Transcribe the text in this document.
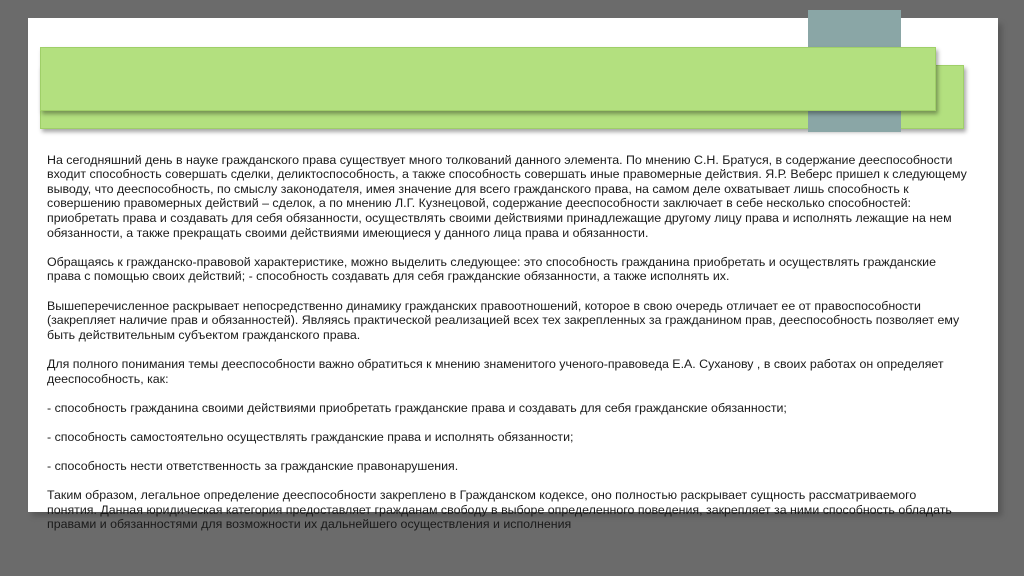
На сегодняшний день в науке гражданского права существует много толкований данного элемента. По мнению С.Н. Братуся, в содержание дееспособности входит способность совершать сделки, деликтоспособность, а также способность совершать иные правомерные действия. Я.Р. Веберс пришел к следующему выводу, что дееспособность, по смыслу законодателя, имея значение для всего гражданского права, на самом деле охватывает лишь способность к совершению правомерных действий – сделок, а по мнению Л.Г. Кузнецовой, содержание дееспособности заключает в себе несколько способностей: приобретать права и создавать для себя обязанности, осуществлять своими действиями принадлежащие другому лицу права и исполнять лежащие на нем обязанности, а также прекращать своими действиями имеющиеся у данного лица права и обязанности.

Обращаясь к гражданско-правовой характеристике, можно выделить следующее: это способность гражданина приобретать и осуществлять гражданские права с помощью своих действий; - способность создавать для себя гражданские обязанности, а также исполнять их.

Вышеперечисленное раскрывает непосредственно динамику гражданских правоотношений, которое в свою очередь отличает ее от правоспособности (закрепляет наличие прав и обязанностей). Являясь практической реализацией всех тех закрепленных за гражданином прав, дееспособность позволяет ему быть действительным субъектом гражданского права.

Для полного понимания темы дееспособности важно обратиться к мнению знаменитого ученого-правоведа Е.А. Суханову , в своих работах он определяет дееспособность, как:

- способность гражданина своими действиями приобретать гражданские права и создавать для себя гражданские обязанности;

- способность самостоятельно осуществлять гражданские права и исполнять обязанности;

- способность нести ответственность за гражданские правонарушения.

Таким образом, легальное определение дееспособности закреплено в Гражданском кодексе, оно полностью раскрывает сущность рассматриваемого понятия. Данная юридическая категория предоставляет гражданам свободу в выборе определенного поведения, закрепляет за ними способность обладать правами и обязанностями для возможности их дальнейшего осуществления и исполнения
